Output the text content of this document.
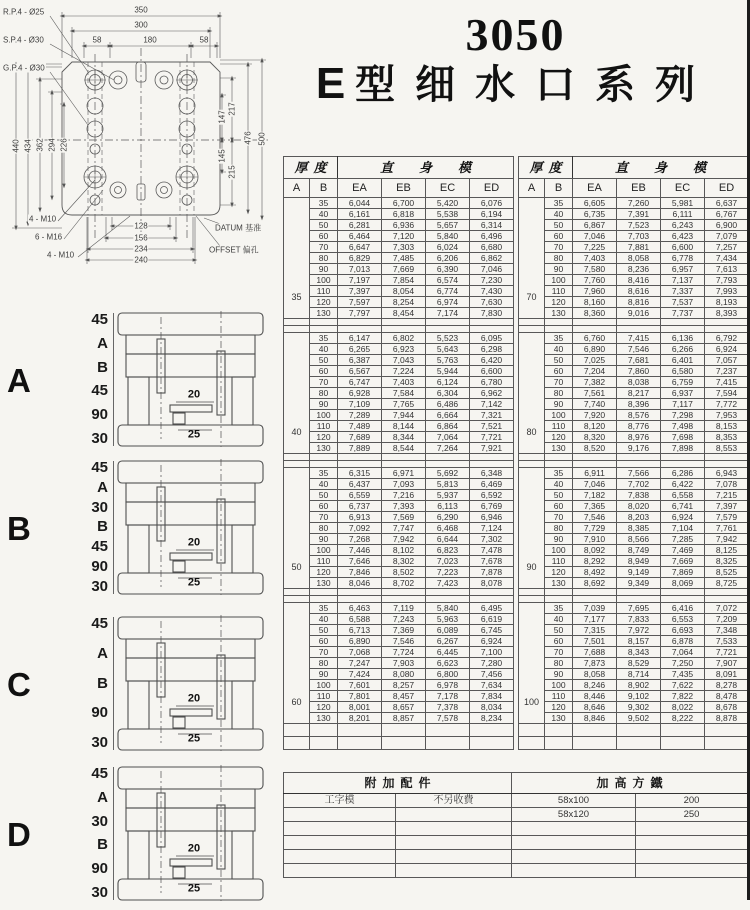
3050
E型细水口系列
350
300
58	180	58
440 434 362 294 226
217
147
145
215
476 500
128
156
234
240
R.P.4 - Ø25
S.P.4 - Ø30
G.P.4 - Ø30
4 - M10
6 - M16
4 - M10
DATUM 基准
OFFSET 偏孔
A
45
A
B
45
90
30
20
25
B
45
A
30
B
45
90
30
20
25
C
45
A
B
90
30
20
25
D
45
A
30
B
90
30
20
25
厚度		直身模			
A	B	EA	EB	EC	ED
35	35	6,044	6,700	5,420	6,076
	40	6,161	6,818	5,538	6,194
	50	6,281	6,936	5,657	6,314
	60	6,464	7,120	5,840	6,496
	70	6,647	7,303	6,024	6,680
	80	6,829	7,485	6,206	6,862
	90	7,013	7,669	6,390	7,046
	100	7,197	7,854	6,574	7,230
	110	7,397	8,054	6,774	7,430
	120	7,597	8,254	6,974	7,630
	130	7,797	8,454	7,174	7,830

40	35	6,147	6,802	5,523	6,095
	40	6,265	6,923	5,643	6,298
	50	6,387	7,043	5,763	6,420
	60	6,567	7,224	5,944	6,600
	70	6,747	7,403	6,124	6,780
	80	6,928	7,584	6,304	6,962
	90	7,109	7,765	6,486	7,142
	100	7,289	7,944	6,664	7,321
	110	7,489	8,144	6,864	7,521
	120	7,689	8,344	7,064	7,721
	130	7,889	8,544	7,264	7,921

50	35	6,315	6,971	5,692	6,348
	40	6,437	7,093	5,813	6,469
	50	6,559	7,216	5,937	6,592
	60	6,737	7,393	6,113	6,769
	70	6,913	7,569	6,290	6,946
	80	7,092	7,747	6,468	7,124
	90	7,268	7,942	6,644	7,302
	100	7,446	8,102	6,823	7,478
	110	7,646	8,302	7,023	7,678
	120	7,846	8,502	7,223	7,878
	130	8,046	8,702	7,423	8,078

60	35	6,463	7,119	5,840	6,495
	40	6,588	7,243	5,963	6,619
	50	6,713	7,369	6,089	6,745
	60	6,890	7,546	6,267	6,924
	70	7,068	7,724	6,445	7,100
	80	7,247	7,903	6,623	7,280
	90	7,424	8,080	6,800	7,456
	100	7,601	8,257	6,978	7,634
	110	7,801	8,457	7,178	7,834
	120	8,001	8,657	7,378	8,034
	130	8,201	8,857	7,578	8,234

厚度		直身模			
A	B	EA	EB	EC	ED
70	35	6,605	7,260	5,981	6,637
	40	6,735	7,391	6,111	6,767
	50	6,867	7,523	6,243	6,900
	60	7,046	7,703	6,423	7,079
	70	7,225	7,881	6,600	7,257
	80	7,403	8,058	6,778	7,434
	90	7,580	8,236	6,957	7,613
	100	7,760	8,416	7,137	7,793
	110	7,960	8,616	7,337	7,993
	120	8,160	8,816	7,537	8,193
	130	8,360	9,016	7,737	8,393

80	35	6,760	7,415	6,136	6,792
	40	6,890	7,546	6,266	6,924
	50	7,025	7,681	6,401	7,057
	60	7,204	7,860	6,580	7,237
	70	7,382	8,038	6,759	7,415
	80	7,561	8,217	6,937	7,594
	90	7,740	8,396	7,117	7,772
	100	7,920	8,576	7,298	7,953
	110	8,120	8,776	7,498	8,153
	120	8,320	8,976	7,698	8,353
	130	8,520	9,176	7,898	8,553

90	35	6,911	7,566	6,286	6,943
	40	7,046	7,702	6,422	7,078
	50	7,182	7,838	6,558	7,215
	60	7,365	8,020	6,741	7,397
	70	7,546	8,203	6,924	7,579
	80	7,729	8,385	7,104	7,761
	90	7,910	8,566	7,285	7,942
	100	8,092	8,749	7,469	8,125
	110	8,292	8,949	7,669	8,325
	120	8,492	9,149	7,869	8,525
	130	8,692	9,349	8,069	8,725

100	35	7,039	7,695	6,416	7,072
	40	7,177	7,833	6,553	7,209
	50	7,315	7,972	6,693	7,348
	60	7,501	8,157	6,878	7,533
	70	7,688	8,343	7,064	7,721
	80	7,873	8,529	7,250	7,907
	90	8,058	8,714	7,435	8,091
	100	8,246	8,902	7,622	8,278
	110	8,446	9,102	7,822	8,478
	120	8,646	9,302	8,022	8,678
	130	8,846	9,502	8,222	8,878

附加配件		加高方鐵	
工字模	不另收費	58x100	200
		58x120	250
